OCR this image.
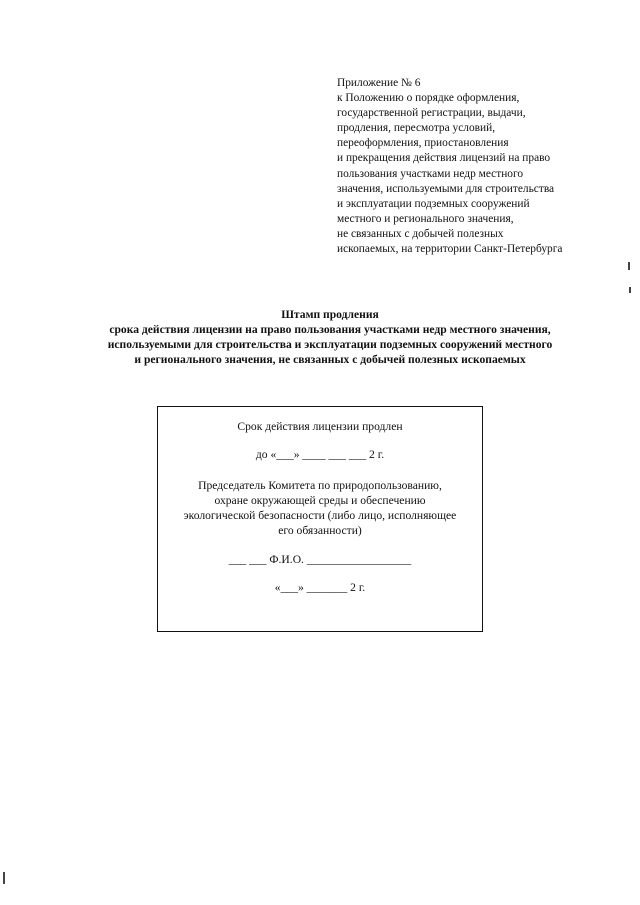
Приложение № 6
к Положению о порядке оформления,
государственной регистрации, выдачи,
продления, пересмотра условий,
переоформления, приостановления
и прекращения действия лицензий на право
пользования участками недр местного
значения, используемыми для строительства
и эксплуатации подземных сооружений
местного и регионального значения,
не связанных с добычей полезных
ископаемых, на территории Санкт-Петербурга
Штамп продления
срока действия лицензии на право пользования участками недр местного значения,
используемыми для строительства и эксплуатации подземных сооружений местного
и регионального значения, не связанных с добычей полезных ископаемых
Срок действия лицензии продлен
до «___» ____ ___ ___ 2 г.
Председатель Комитета по природопользованию,
охране окружающей среды и обеспечению
экологической безопасности (либо лицо, исполняющее
его обязанности)
___ ___ Ф.И.О. __________________
«___» _______ 2 г.
